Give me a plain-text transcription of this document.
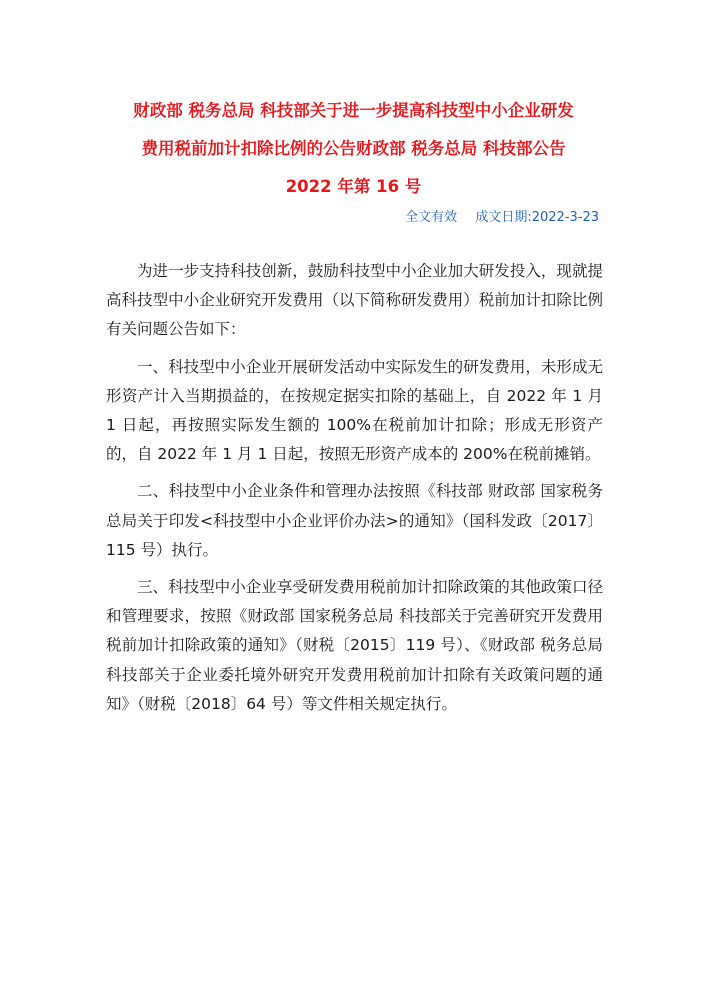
财政部 税务总局 科技部关于进一步提高科技型中小企业研发
费用税前加计扣除比例的公告财政部 税务总局 科技部公告
2022 年第 16 号
全文有效 成文日期:2022-3-23

为进一步支持科技创新，鼓励科技型中小企业加大研发投入，现就提高科技型中小企业研究开发费用（以下简称研发费用）税前加计扣除比例有关问题公告如下：

一、科技型中小企业开展研发活动中实际发生的研发费用，未形成无形资产计入当期损益的，在按规定据实扣除的基础上，自 2022 年 1 月 1 日起，再按照实际发生额的 100%在税前加计扣除；形成无形资产的，自 2022 年 1 月 1 日起，按照无形资产成本的 200%在税前摊销。

二、科技型中小企业条件和管理办法按照《科技部 财政部 国家税务总局关于印发<科技型中小企业评价办法>的通知》（国科发政〔2017〕115 号）执行。

三、科技型中小企业享受研发费用税前加计扣除政策的其他政策口径和管理要求，按照《财政部 国家税务总局 科技部关于完善研究开发费用税前加计扣除政策的通知》（财税〔2015〕119 号）、《财政部 税务总局 科技部关于企业委托境外研究开发费用税前加计扣除有关政策问题的通知》（财税〔2018〕64 号）等文件相关规定执行。
